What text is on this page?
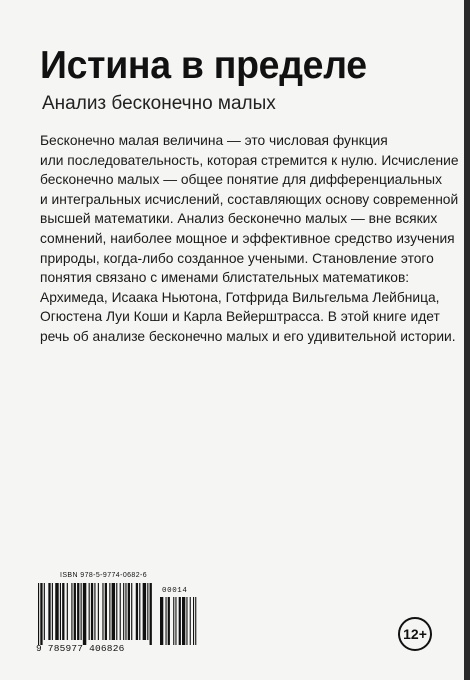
Истина в пределе
Анализ бесконечно малых
Бесконечно малая величина — это числовая функция
или последовательность, которая стремится к нулю. Исчисление
бесконечно малых — общее понятие для дифференциальных
и интегральных исчислений, составляющих основу современной
высшей математики. Анализ бесконечно малых — вне всяких
сомнений, наиболее мощное и эффективное средство изучения
природы, когда-либо созданное учеными. Становление этого
понятия связано с именами блистательных математиков:
Архимеда, Исаака Ньютона, Готфрида Вильгельма Лейбница,
Огюстена Луи Коши и Карла Вейерштрасса. В этой книге идет
речь об анализе бесконечно малых и его удивительной истории.
ISBN 978-5-9774-0682-6
00014
9 785977 406826
12+
